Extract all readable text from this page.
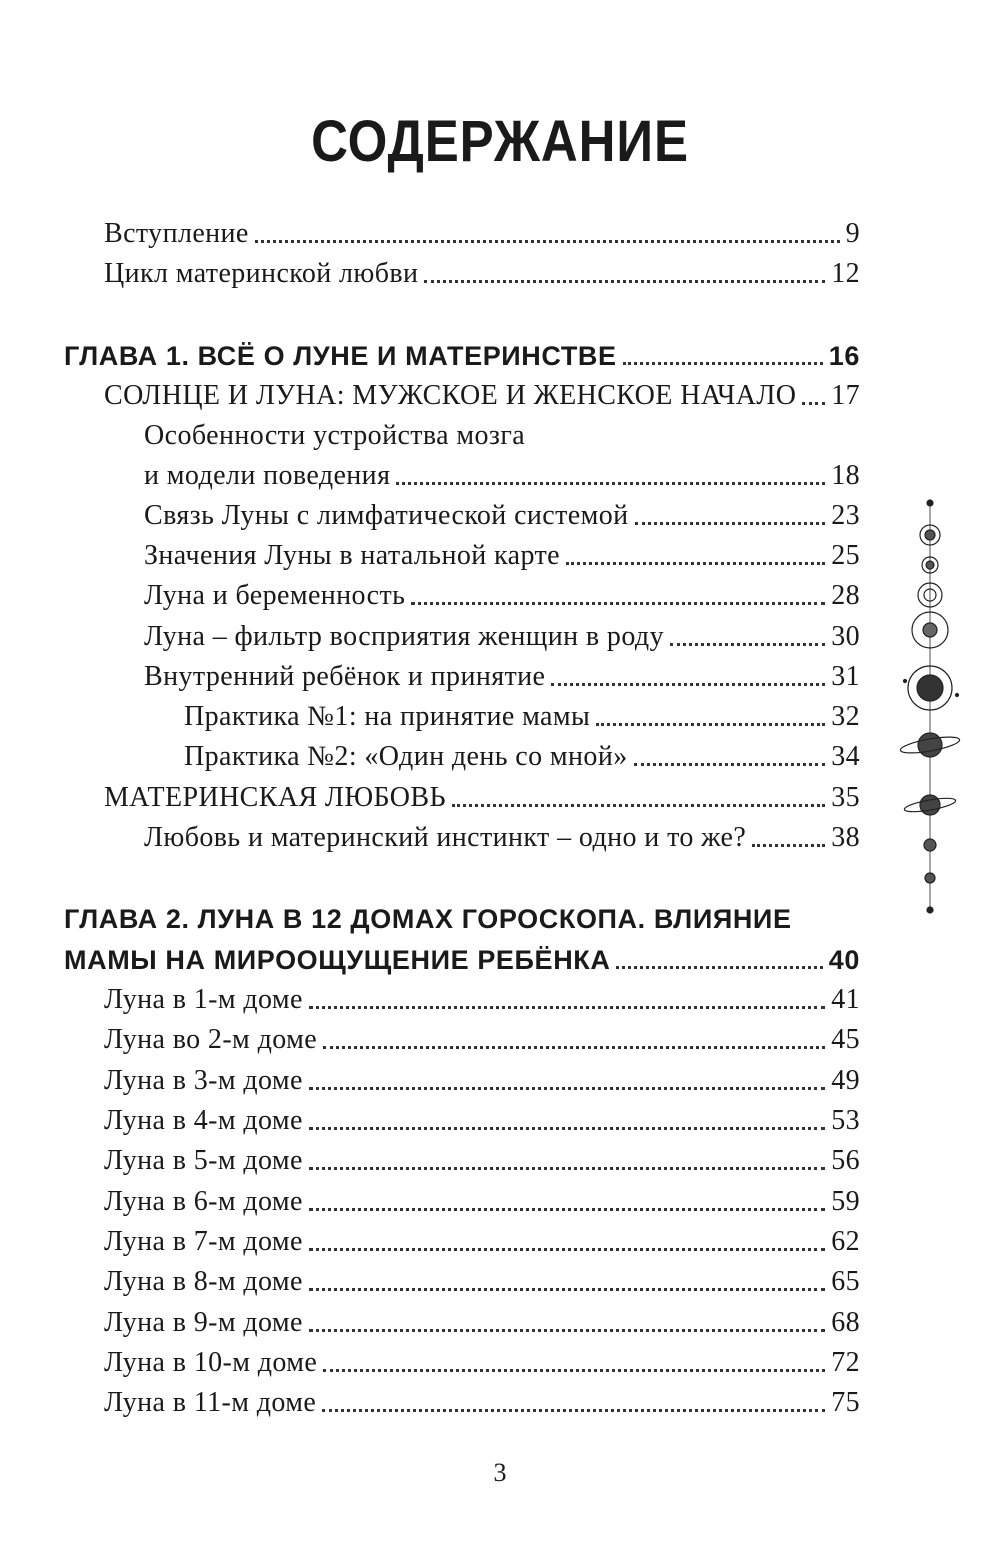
СОДЕРЖАНИЕ
Вступление	9
Цикл материнской любви	12
ГЛАВА 1. ВСЁ О ЛУНЕ И МАТЕРИНСТВЕ	16
СОЛНЦЕ И ЛУНА: МУЖСКОЕ И ЖЕНСКОЕ НАЧАЛО 17
Особенности устройства мозга
и модели поведения	18
Связь Луны с лимфатической системой	23
Значения Луны в натальной карте	25
Луна и беременность	28
Луна – фильтр восприятия женщин в роду	30
Внутренний ребёнок и принятие	31
Практика №1: на принятие мамы	32
Практика №2: «Один день со мной»	34
МАТЕРИНСКАЯ ЛЮБОВЬ	35
Любовь и материнский инстинкт – одно и то же?	38
ГЛАВА 2. ЛУНА В 12 ДОМАХ ГОРОСКОПА. ВЛИЯНИЕ
МАМЫ НА МИРООЩУЩЕНИЕ РЕБЁНКА	40
Луна в 1-м доме	41
Луна во 2-м доме	45
Луна в 3-м доме	49
Луна в 4-м доме	53
Луна в 5-м доме	56
Луна в 6-м доме	59
Луна в 7-м доме	62
Луна в 8-м доме	65
Луна в 9-м доме	68
Луна в 10-м доме	72
Луна в 11-м доме	75
3
